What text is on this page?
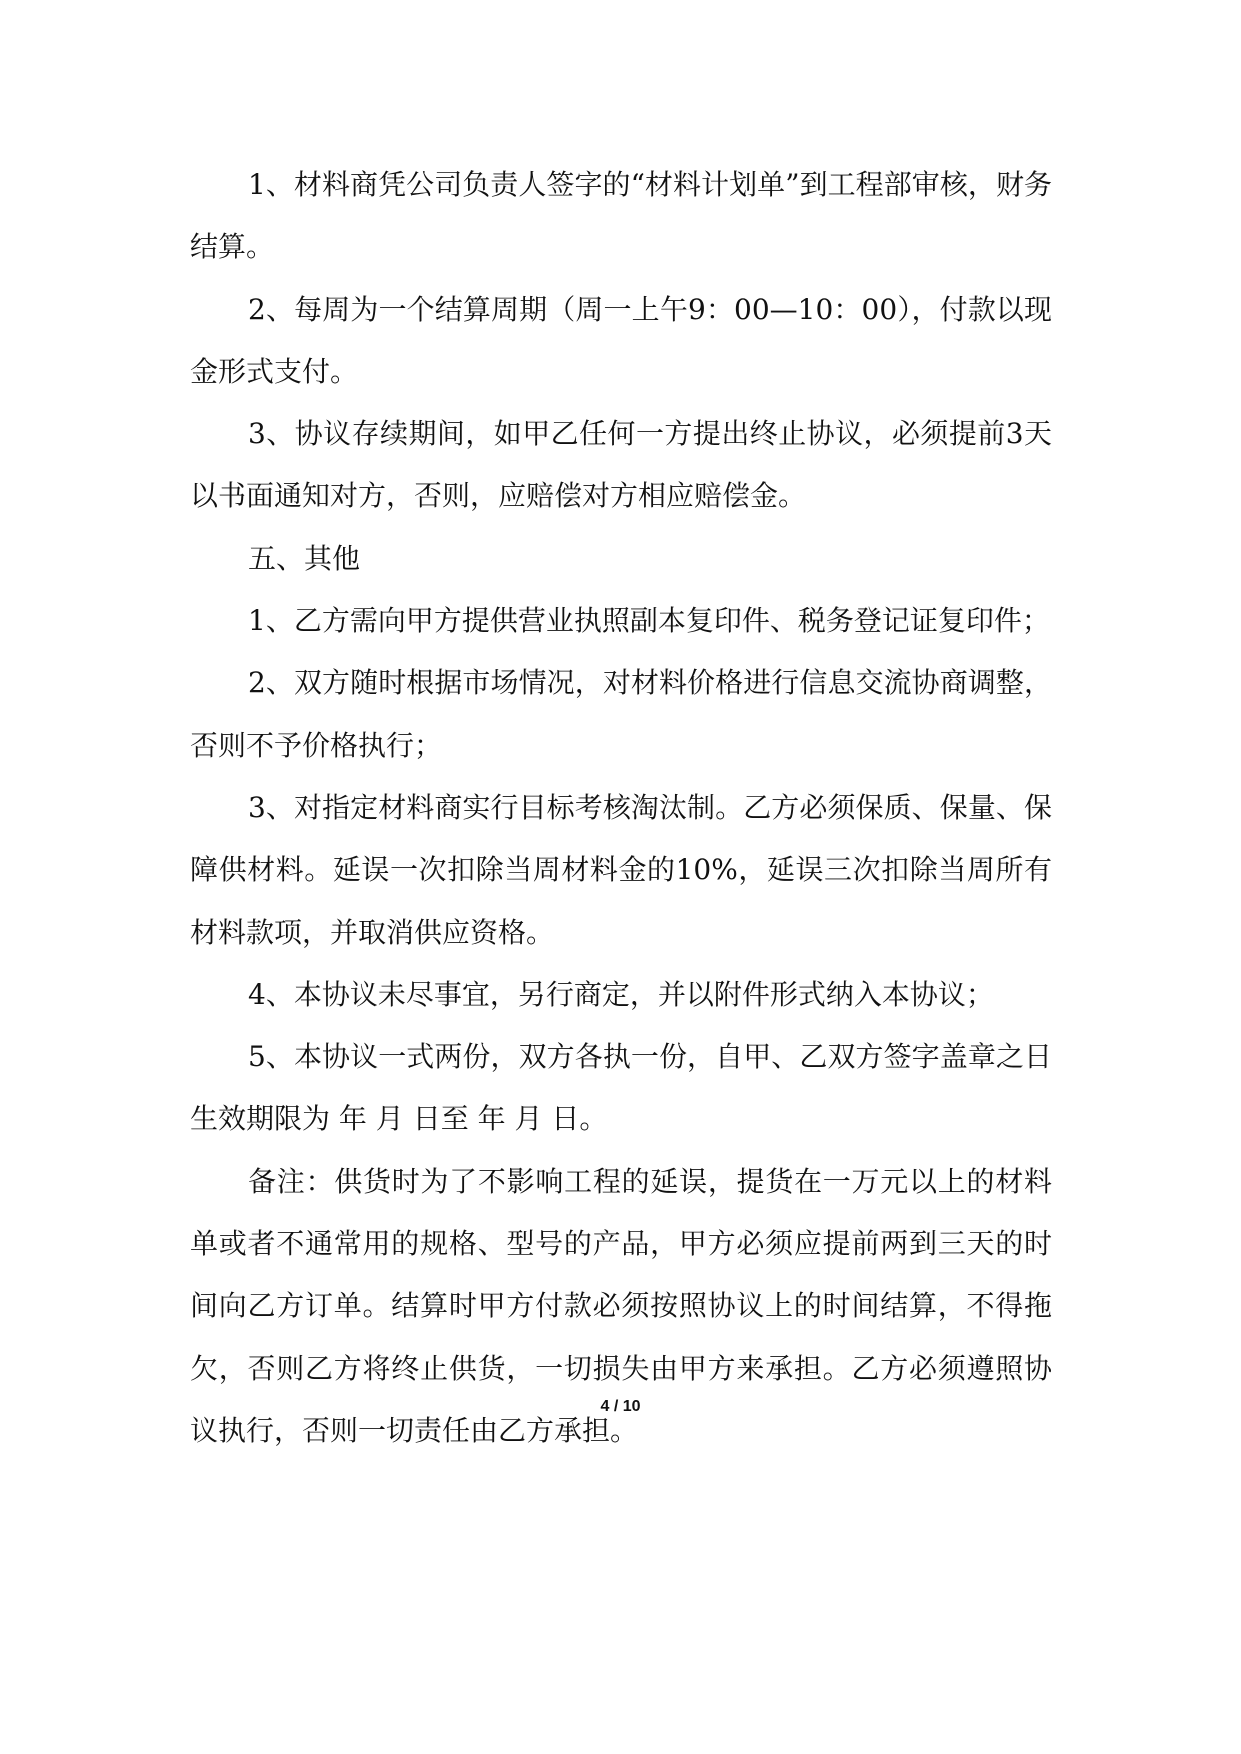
1、材料商凭公司负责人签字的“材料计划单”到工程部审核，财务结算。

2、每周为一个结算周期（周一上午9：00—10：00），付款以现金形式支付。

3、协议存续期间，如甲乙任何一方提出终止协议，必须提前3天以书面通知对方，否则，应赔偿对方相应赔偿金。

五、其他

1、乙方需向甲方提供营业执照副本复印件、税务登记证复印件；

2、双方随时根据市场情况，对材料价格进行信息交流协商调整，否则不予价格执行；

3、对指定材料商实行目标考核淘汰制。乙方必须保质、保量、保障供材料。延误一次扣除当周材料金的10%，延误三次扣除当周所有材料款项，并取消供应资格。

4、本协议未尽事宜，另行商定，并以附件形式纳入本协议；

5、本协议一式两份，双方各执一份，自甲、乙双方签字盖章之日生效期限为 年 月 日至 年 月 日。

备注：供货时为了不影响工程的延误，提货在一万元以上的材料单或者不通常用的规格、型号的产品，甲方必须应提前两到三天的时间向乙方订单。结算时甲方付款必须按照协议上的时间结算，不得拖欠，否则乙方将终止供货，一切损失由甲方来承担。乙方必须遵照协议执行，否则一切责任由乙方承担。

4 / 10
